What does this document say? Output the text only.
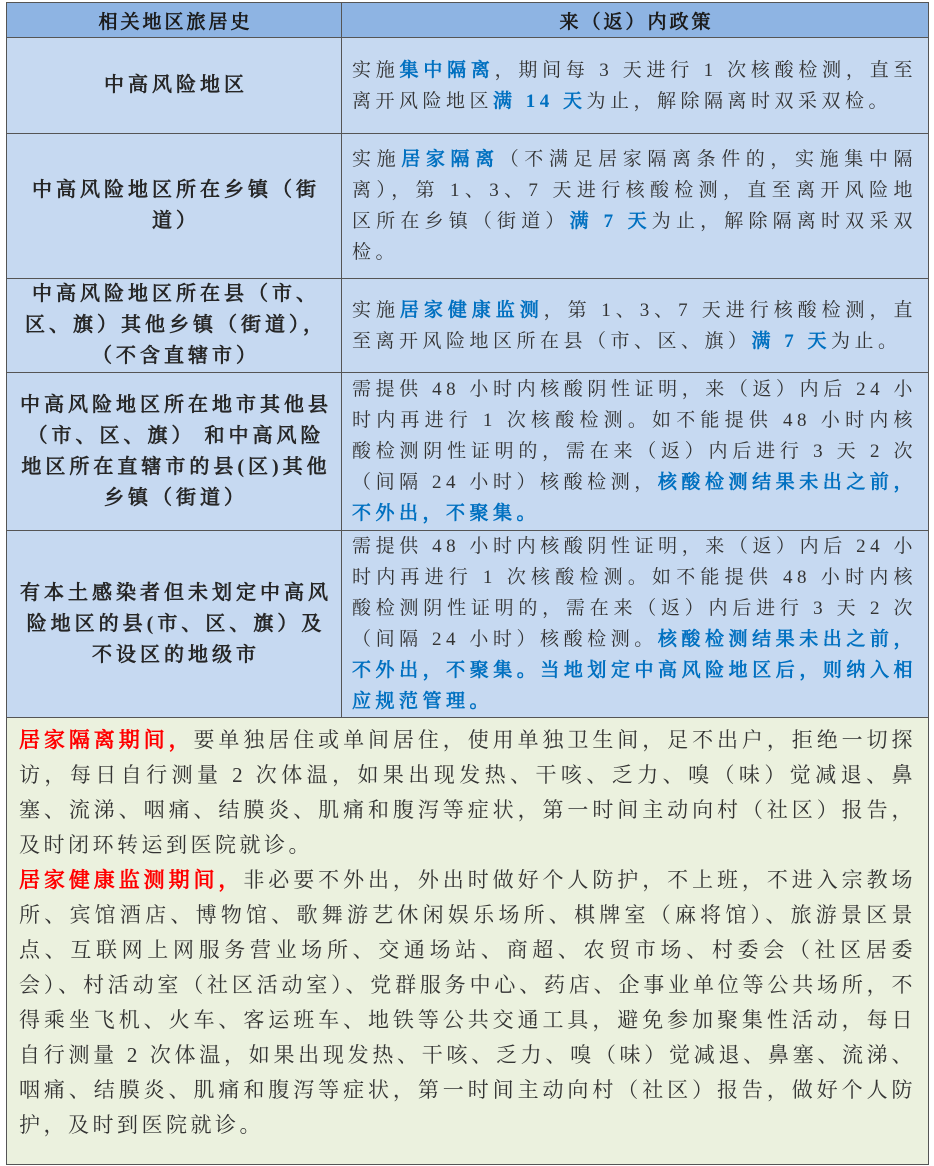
相关地区旅居史	来（返）内政策
中高风险地区
实施集中隔离，期间每 3 天进行 1 次核酸检测，直至离开风险地区满 14 天为止，解除隔离时双采双检。
中高风险地区所在乡镇（街道）
实施居家隔离（不满足居家隔离条件的，实施集中隔离），第 1、3、7 天进行核酸检测，直至离开风险地区所在乡镇（街道）满 7 天为止，解除隔离时双采双检。
中高风险地区所在县（市、区、旗）其他乡镇（街道），（不含直辖市）
实施居家健康监测，第 1、3、7 天进行核酸检测，直至离开风险地区所在县（市、区、旗）满 7 天为止。
中高风险地区所在地市其他县（市、区、旗） 和中高风险地区所在直辖市的县(区)其他乡镇（街道）
需提供 48 小时内核酸阴性证明，来（返）内后 24 小时内再进行 1 次核酸检测。如不能提供 48 小时内核酸检测阴性证明的，需在来（返）内后进行 3 天 2 次（间隔 24 小时）核酸检测，核酸检测结果未出之前，不外出，不聚集。
有本土感染者但未划定中高风险地区的县(市、区、旗）及不设区的地级市
需提供 48 小时内核酸阴性证明，来（返）内后 24 小时内再进行 1 次核酸检测。如不能提供 48 小时内核酸检测阴性证明的，需在来（返）内后进行 3 天 2 次（间隔 24 小时）核酸检测。核酸检测结果未出之前，不外出，不聚集。当地划定中高风险地区后，则纳入相应规范管理。

居家隔离期间，要单独居住或单间居住，使用单独卫生间，足不出户，拒绝一切探访，每日自行测量 2 次体温，如果出现发热、干咳、乏力、嗅（味）觉减退、鼻塞、流涕、咽痛、结膜炎、肌痛和腹泻等症状，第一时间主动向村（社区）报告，及时闭环转运到医院就诊。

居家健康监测期间，非必要不外出，外出时做好个人防护，不上班，不进入宗教场所、宾馆酒店、博物馆、歌舞游艺休闲娱乐场所、棋牌室（麻将馆）、旅游景区景点、互联网上网服务营业场所、交通场站、商超、农贸市场、村委会（社区居委会）、村活动室（社区活动室）、党群服务中心、药店、企事业单位等公共场所，不得乘坐飞机、火车、客运班车、地铁等公共交通工具，避免参加聚集性活动，每日自行测量 2 次体温，如果出现发热、干咳、乏力、嗅（味）觉减退、鼻塞、流涕、咽痛、结膜炎、肌痛和腹泻等症状，第一时间主动向村（社区）报告，做好个人防护，及时到医院就诊。
